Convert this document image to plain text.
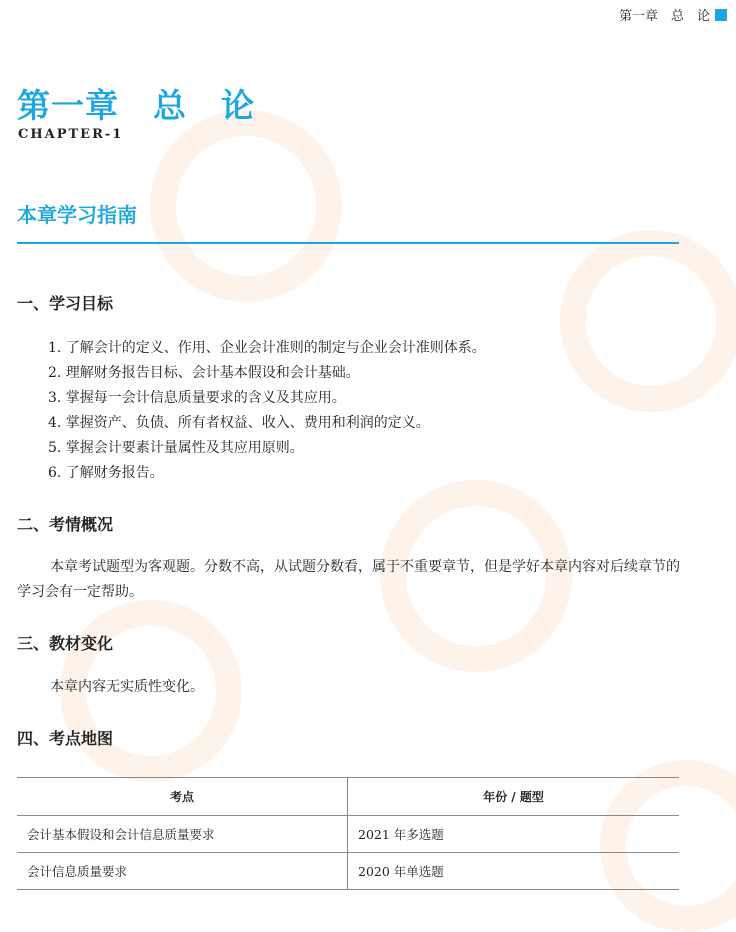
第一章　总　论
第一章　总　论
CHAPTER-1
本章学习指南
一、学习目标
1. 了解会计的定义、作用、企业会计准则的制定与企业会计准则体系。
2. 理解财务报告目标、会计基本假设和会计基础。
3. 掌握每一会计信息质量要求的含义及其应用。
4. 掌握资产、负债、所有者权益、收入、费用和利润的定义。
5. 掌握会计要素计量属性及其应用原则。
6. 了解财务报告。
二、考情概况
本章考试题型为客观题。分数不高，从试题分数看，属于不重要章节，但是学好本章内容对后续章节的学习会有一定帮助。
三、教材变化
本章内容无实质性变化。
四、考点地图
考点	年份 / 题型
会计基本假设和会计信息质量要求	2021 年多选题
会计信息质量要求	2020 年单选题
